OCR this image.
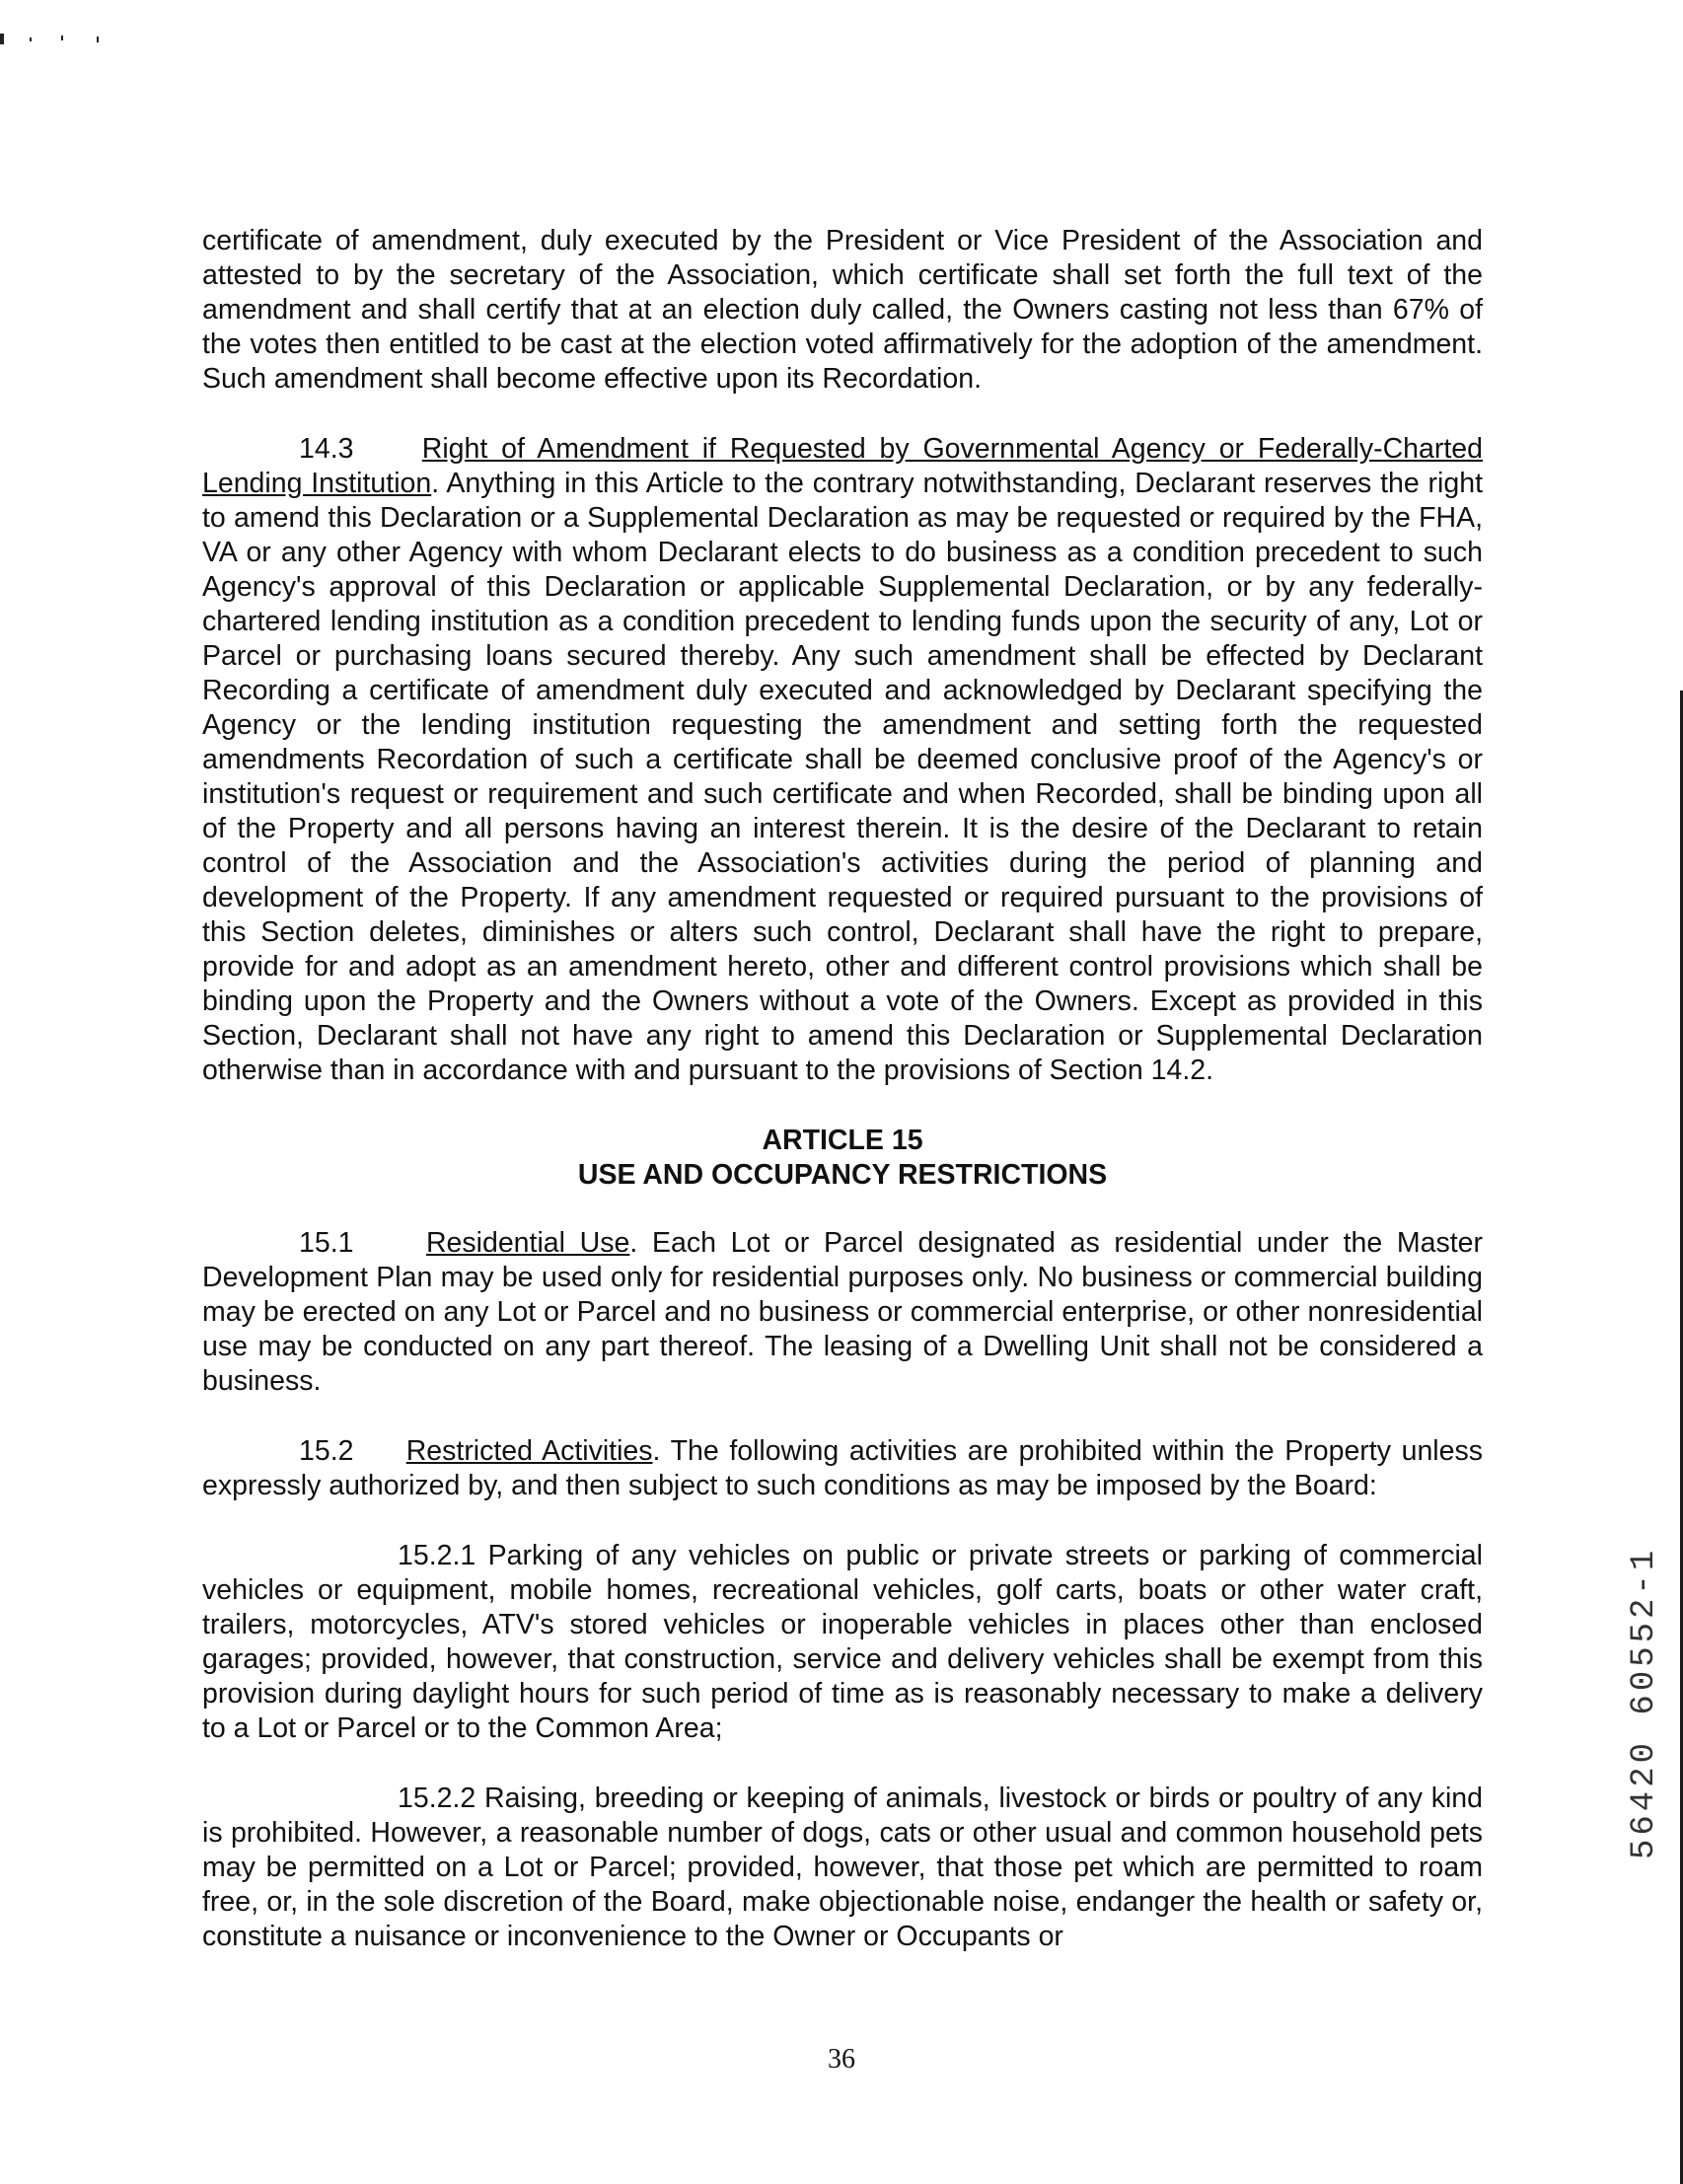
certificate of amendment, duly executed by the President or Vice President of the Association and attested to by the secretary of the Association, which certificate shall set forth the full text of the amendment and shall certify that at an election duly called, the Owners casting not less than 67% of the votes then entitled to be cast at the election voted affirmatively for the adoption of the amendment. Such amendment shall become effective upon its Recordation.

14.3 Right of Amendment if Requested by Governmental Agency or Federally-Charted Lending Institution. Anything in this Article to the contrary notwithstanding, Declarant reserves the right to amend this Declaration or a Supplemental Declaration as may be requested or required by the FHA, VA or any other Agency with whom Declarant elects to do business as a condition precedent to such Agency's approval of this Declaration or applicable Supplemental Declaration, or by any federally-chartered lending institution as a condition precedent to lending funds upon the security of any, Lot or Parcel or purchasing loans secured thereby. Any such amendment shall be effected by Declarant Recording a certificate of amendment duly executed and acknowledged by Declarant specifying the Agency or the lending institution requesting the amendment and setting forth the requested amendments Recordation of such a certificate shall be deemed conclusive proof of the Agency's or institution's request or requirement and such certificate and when Recorded, shall be binding upon all of the Property and all persons having an interest therein. It is the desire of the Declarant to retain control of the Association and the Association's activities during the period of planning and development of the Property. If any amendment requested or required pursuant to the provisions of this Section deletes, diminishes or alters such control, Declarant shall have the right to prepare, provide for and adopt as an amendment hereto, other and different control provisions which shall be binding upon the Property and the Owners without a vote of the Owners. Except as provided in this Section, Declarant shall not have any right to amend this Declaration or Supplemental Declaration otherwise than in accordance with and pursuant to the provisions of Section 14.2.

ARTICLE 15
USE AND OCCUPANCY RESTRICTIONS

15.1	Residential Use. Each Lot or Parcel designated as residential under the Master Development Plan may be used only for residential purposes only. No business or commercial building may be erected on any Lot or Parcel and no business or commercial enterprise, or other nonresidential use may be conducted on any part thereof. The leasing of a Dwelling Unit shall not be considered a business.

15.2 Restricted Activities. The following activities are prohibited within the Property unless expressly authorized by, and then subject to such conditions as may be imposed by the Board:

15.2.1 Parking of any vehicles on public or private streets or parking of commercial vehicles or equipment, mobile homes, recreational vehicles, golf carts, boats or other water craft, trailers, motorcycles, ATV's stored vehicles or inoperable vehicles in places other than enclosed garages; provided, however, that construction, service and delivery vehicles shall be exempt from this provision during daylight hours for such period of time as is reasonably necessary to make a delivery to a Lot or Parcel or to the Common Area;

15.2.2 Raising, breeding or keeping of animals, livestock or birds or poultry of any kind is prohibited. However, a reasonable number of dogs, cats or other usual and common household pets may be permitted on a Lot or Parcel; provided, however, that those pet which are permitted to roam free, or, in the sole discretion of the Board, make objectionable noise, endanger the health or safety or, constitute a nuisance or inconvenience to the Owner or Occupants or

36
56420 60552-1
